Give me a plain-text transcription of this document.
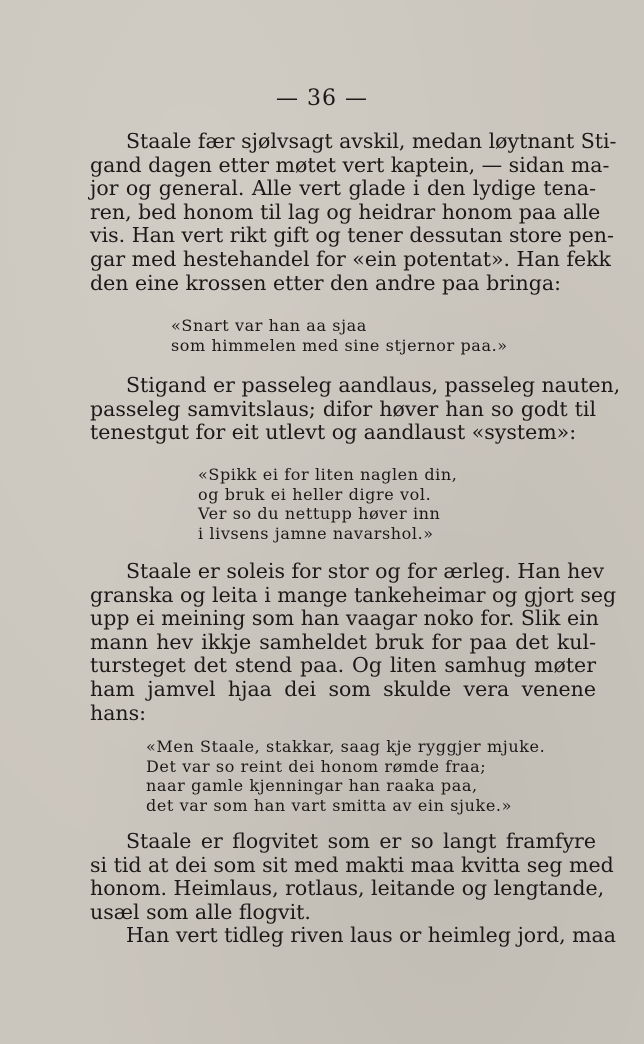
— 36 —
Staale fær sjølvsagt avskil, medan løytnant Sti-
gand dagen etter møtet vert kaptein, — sidan ma-
jor og general. Alle vert glade i den lydige tena-
ren, bed honom til lag og heidrar honom paa alle
vis. Han vert rikt gift og tener dessutan store pen-
gar med hestehandel for «ein potentat». Han fekk
den eine krossen etter den andre paa bringa:
«Snart var han aa sjaa
som himmelen med sine stjernor paa.»
Stigand er passeleg aandlaus, passeleg nauten,
passeleg samvitslaus; difor høver han so godt til
tenestgut for eit utlevt og aandlaust «system»:
«Spikk ei for liten naglen din,
og bruk ei heller digre vol.
Ver so du nettupp høver inn
i livsens jamne navarshol.»
Staale er soleis for stor og for ærleg. Han hev
granska og leita i mange tankeheimar og gjort seg
upp ei meining som han vaagar noko for. Slik ein
mann hev ikkje samheldet bruk for paa det kul-
tursteget det stend paa. Og liten samhug møter
ham jamvel hjaa dei som skulde vera venene
hans:
«Men Staale, stakkar, saag kje ryggjer mjuke.
Det var so reint dei honom rømde fraa;
naar gamle kjenningar han raaka paa,
det var som han vart smitta av ein sjuke.»
Staale er flogvitet som er so langt framfyre
si tid at dei som sit med makti maa kvitta seg med
honom. Heimlaus, rotlaus, leitande og lengtande,
usæl som alle flogvit.
Han vert tidleg riven laus or heimleg jord, maa
